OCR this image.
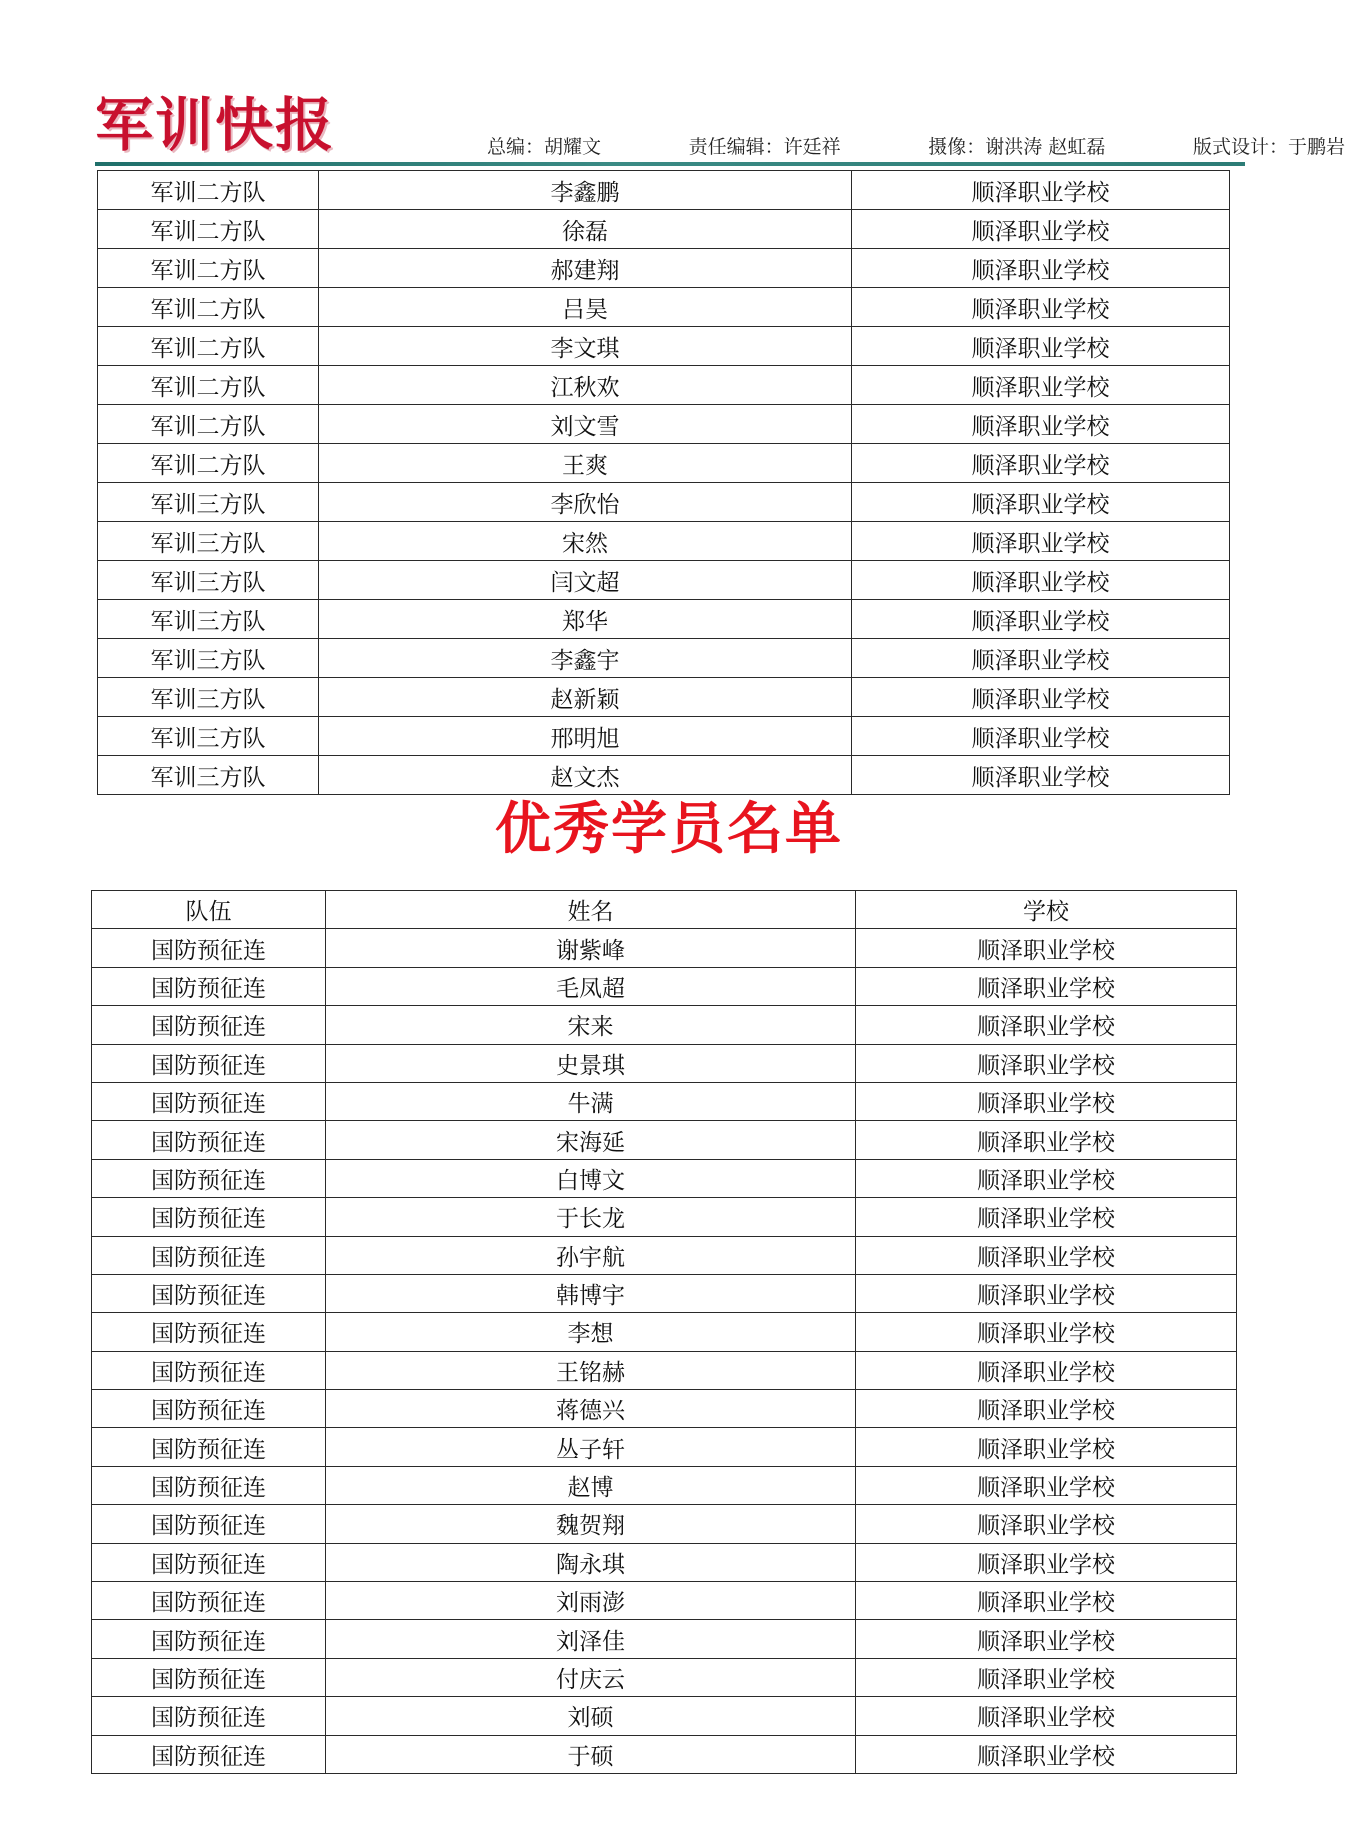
军训快报	总编：胡耀文	责任编辑：许廷祥	摄像：谢洪涛 赵虹磊	版式设计：于鹏岩
军训二方队	李鑫鹏	顺泽职业学校
军训二方队	徐磊	顺泽职业学校
军训二方队	郝建翔	顺泽职业学校
军训二方队	吕昊	顺泽职业学校
军训二方队	李文琪	顺泽职业学校
军训二方队	江秋欢	顺泽职业学校
军训二方队	刘文雪	顺泽职业学校
军训二方队	王爽	顺泽职业学校
军训三方队	李欣怡	顺泽职业学校
军训三方队	宋然	顺泽职业学校
军训三方队	闫文超	顺泽职业学校
军训三方队	郑华	顺泽职业学校
军训三方队	李鑫宇	顺泽职业学校
军训三方队	赵新颖	顺泽职业学校
军训三方队	邢明旭	顺泽职业学校
军训三方队	赵文杰	顺泽职业学校
优秀学员名单
队伍	姓名	学校
国防预征连	谢紫峰	顺泽职业学校
国防预征连	毛凤超	顺泽职业学校
国防预征连	宋来	顺泽职业学校
国防预征连	史景琪	顺泽职业学校
国防预征连	牛满	顺泽职业学校
国防预征连	宋海延	顺泽职业学校
国防预征连	白博文	顺泽职业学校
国防预征连	于长龙	顺泽职业学校
国防预征连	孙宇航	顺泽职业学校
国防预征连	韩博宇	顺泽职业学校
国防预征连	李想	顺泽职业学校
国防预征连	王铭赫	顺泽职业学校
国防预征连	蒋德兴	顺泽职业学校
国防预征连	丛子轩	顺泽职业学校
国防预征连	赵博	顺泽职业学校
国防预征连	魏贺翔	顺泽职业学校
国防预征连	陶永琪	顺泽职业学校
国防预征连	刘雨澎	顺泽职业学校
国防预征连	刘泽佳	顺泽职业学校
国防预征连	付庆云	顺泽职业学校
国防预征连	刘硕	顺泽职业学校
国防预征连	于硕	顺泽职业学校
